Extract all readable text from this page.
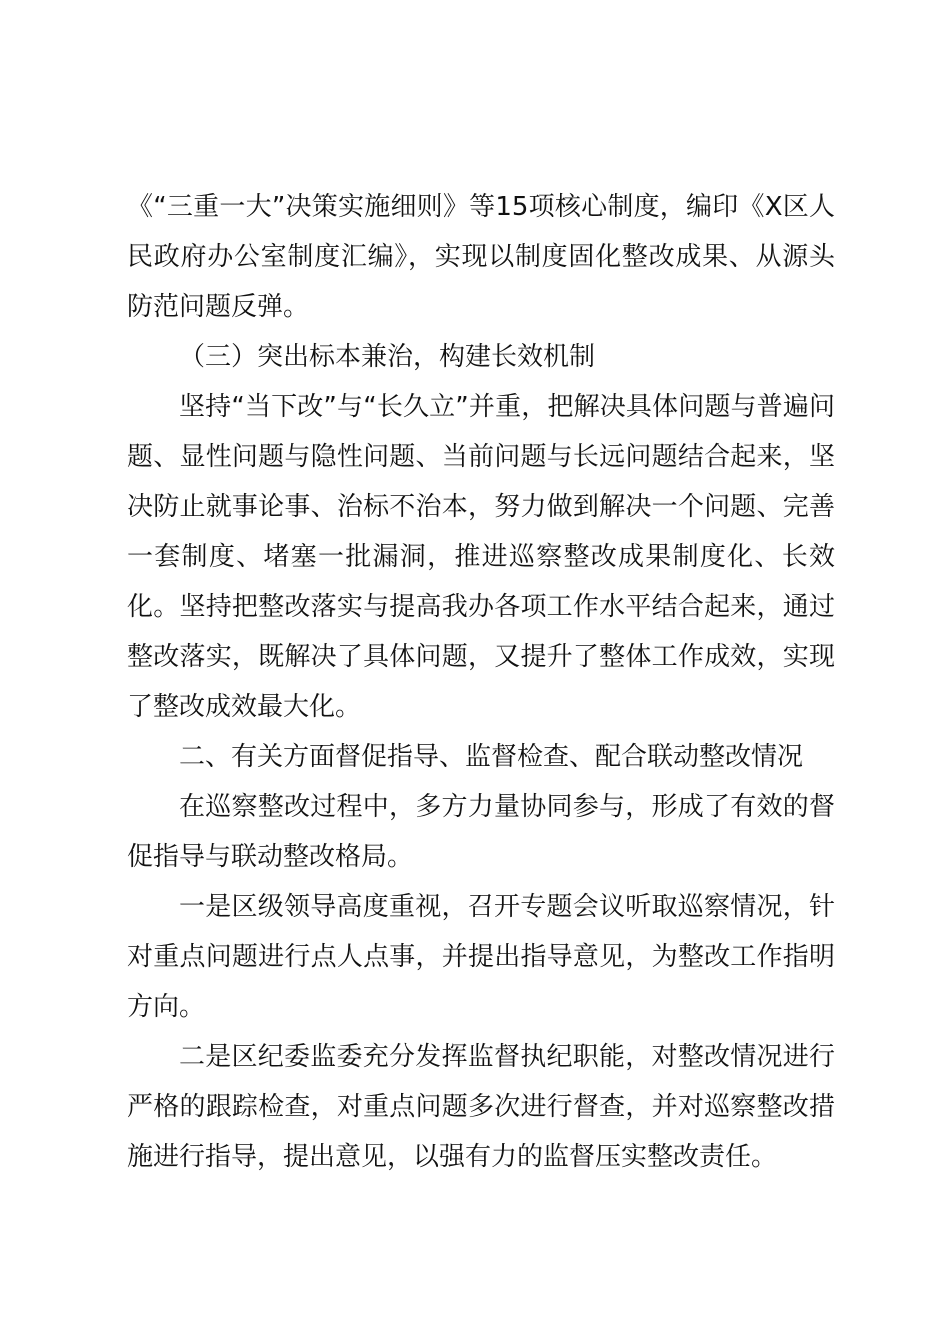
《“三重一大”决策实施细则》等15项核心制度，编印《X区人民政府办公室制度汇编》，实现以制度固化整改成果、从源头防范问题反弹。

（三）突出标本兼治，构建长效机制

坚持“当下改”与“长久立”并重，把解决具体问题与普遍问题、显性问题与隐性问题、当前问题与长远问题结合起来，坚决防止就事论事、治标不治本，努力做到解决一个问题、完善一套制度、堵塞一批漏洞，推进巡察整改成果制度化、长效化。坚持把整改落实与提高我办各项工作水平结合起来，通过整改落实，既解决了具体问题，又提升了整体工作成效，实现了整改成效最大化。

二、有关方面督促指导、监督检查、配合联动整改情况

在巡察整改过程中，多方力量协同参与，形成了有效的督促指导与联动整改格局。

一是区级领导高度重视，召开专题会议听取巡察情况，针对重点问题进行点人点事，并提出指导意见，为整改工作指明方向。

二是区纪委监委充分发挥监督执纪职能，对整改情况进行严格的跟踪检查，对重点问题多次进行督查，并对巡察整改措施进行指导，提出意见，以强有力的监督压实整改责任。
